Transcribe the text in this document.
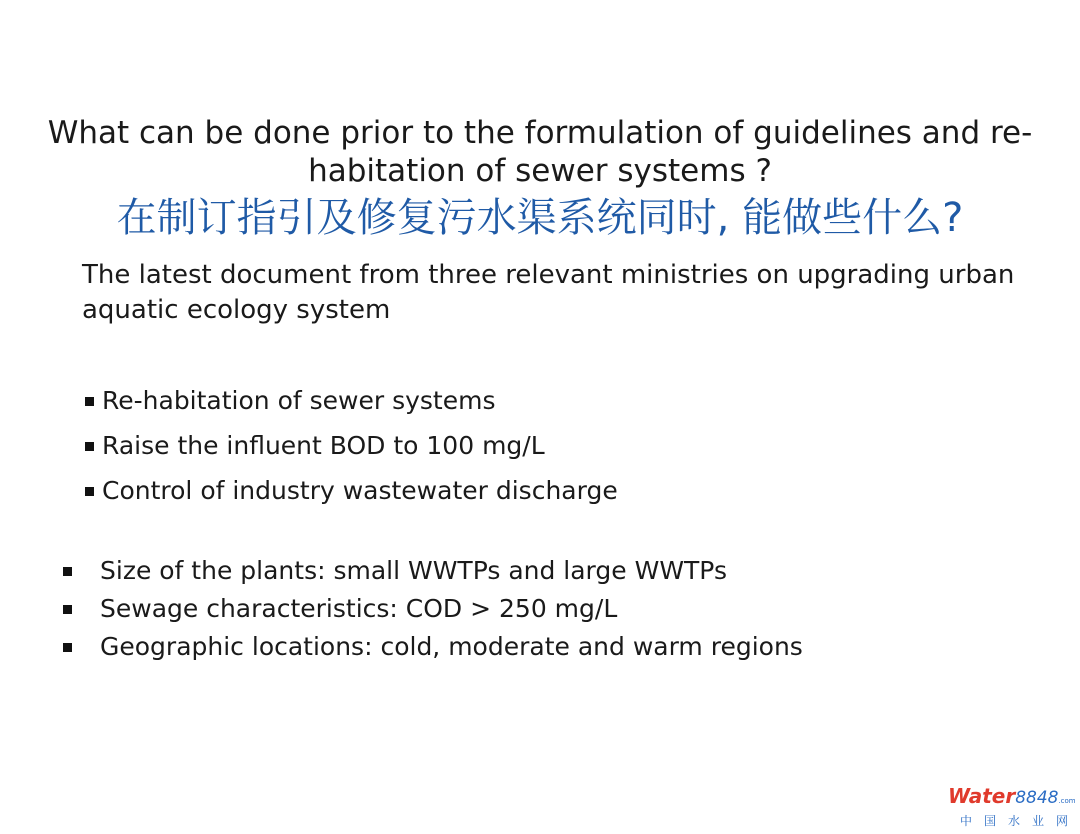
What can be done prior to the formulation of guidelines and re-habitation of sewer systems ?
在制订指引及修复污水渠系统同时, 能做些什么?

The latest document from three relevant ministries on upgrading urban aquatic ecology system

Re-habitation of sewer systems
Raise the influent BOD to 100 mg/L
Control of industry wastewater discharge
Size of the plants: small WWTPs and large WWTPs
Sewage characteristics: COD > 250 mg/L
Geographic locations: cold, moderate and warm regions
Water8848.com
中国水业网
